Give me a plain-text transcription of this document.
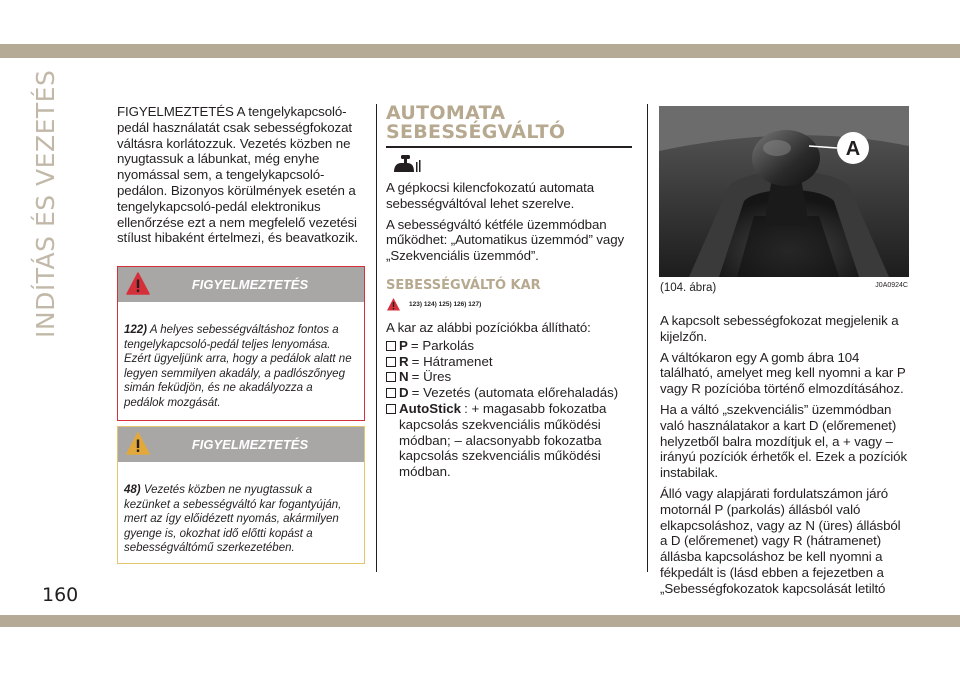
INDÍTÁS ÉS VEZETÉS
160
FIGYELMEZTETÉS A tengelykapcsoló-pedál használatát csak sebességfokozat váltásra korlátozzuk. Vezetés közben ne nyugtassuk a lábunkat, még enyhe nyomással sem, a tengelykapcsoló-pedálon. Bizonyos körülmények esetén a tengelykapcsoló-pedál elektronikus ellenőrzése ezt a nem megfelelő vezetési stílust hibaként értelmezi, és beavatkozik.
FIGYELMEZTETÉS
122) A helyes sebességváltáshoz fontos a tengelykapcsoló-pedál teljes lenyomása. Ezért ügyeljünk arra, hogy a pedálok alatt ne legyen semmilyen akadály, a padlószőnyeg simán feküdjön, és ne akadályozza a pedálok mozgását.
FIGYELMEZTETÉS
48) Vezetés közben ne nyugtassuk a kezünket a sebességváltó kar fogantyúján, mert az így előidézett nyomás, akármilyen gyenge is, okozhat idő előtti kopást a sebességváltómű szerkezetében.
AUTOMATA
SEBESSÉGVÁLTÓ

A gépkocsi kilencfokozatú automata sebességváltóval lehet szerelve.

A sebességváltó kétféle üzemmódban működhet: „Automatikus üzemmód” vagy „Szekvenciális üzemmód”.

SEBESSÉGVÁLTÓ KAR
123) 124) 125) 126) 127)
A kar az alábbi pozíciókba állítható:
P = Parkolás
R = Hátramenet
N = Üres
D = Vezetés (automata előrehaladás)
AutoStick : + magasabb fokozatba kapcsolás szekvenciális működési módban; – alacsonyabb fokozatba kapcsolás szekvenciális működési módban.
A
(104. ábra)	J0A0924C

A kapcsolt sebességfokozat megjelenik a kijelzőn.

A váltókaron egy A gomb ábra 104 található, amelyet meg kell nyomni a kar P vagy R pozícióba történő elmozdításához.

Ha a váltó „szekvenciális” üzemmódban való használatakor a kart D (előremenet) helyzetből balra mozdítjuk el, a + vagy – irányú pozíciók érhetők el. Ezek a pozíciók instabilak.

Álló vagy alapjárati fordulatszámon járó motornál P (parkolás) állásból való elkapcsoláshoz, vagy az N (üres) állásból a D (előremenet) vagy R (hátramenet) állásba kapcsoláshoz be kell nyomni a fékpedált is (lásd ebben a fejezetben a „Sebességfokozatok kapcsolását letiltó
